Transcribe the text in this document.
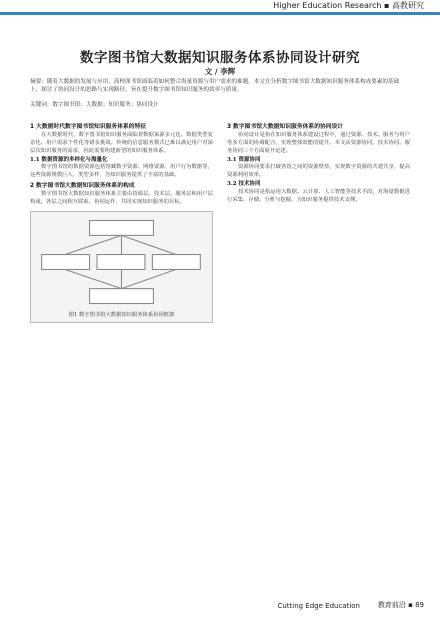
Higher Education Research ▪ 高教研究
数字图书馆大数据知识服务体系协同设计研究
文 / 李辉
摘要：随着大数据的发展与应用，高校图书馆面临着如何整合海量资源与用户需求的难题。本文在分析数字图书馆大数据知识服务体系构成要素的基础上，探讨了协同设计的思路与实现路径，旨在提升数字图书馆知识服务的效率与质量。
关键词：数字图书馆；大数据；知识服务；协同设计
1 大数据时代数字图书馆知识服务体系的特征

在大数据时代，数字图书馆知识服务面临着数据来源多元化、数据类型复杂化、用户需求个性化等诸多挑战。传统的信息服务模式已难以满足用户对深层次知识服务的需求，因此需要构建新型的知识服务体系。

1.1 数据资源的多样化与海量化

数字图书馆的数据资源包括馆藏数字资源、网络资源、用户行为数据等，这些资源规模巨大、类型多样，为知识服务提供了丰富的基础。

2 数字图书馆大数据知识服务体系的构成

数字图书馆大数据知识服务体系主要由资源层、技术层、服务层和用户层构成，各层之间相互联系、协同运作，共同实现知识服务的目标。

图1 数字图书馆大数据知识服务体系协同框架
3 数字图书馆大数据知识服务体系的协同设计

协同设计是指在知识服务体系建设过程中，通过资源、技术、服务与用户等多方面的协调配合，实现整体效能的提升。本文从资源协同、技术协同、服务协同三个方面展开论述。

3.1 资源协同

资源协同要求打破各馆之间的资源壁垒，实现数字资源的共建共享，提高资源利用效率。

3.2 技术协同

技术协同是指运用大数据、云计算、人工智能等技术手段，对海量数据进行采集、存储、分析与挖掘，为知识服务提供技术支撑。

Cutting Edge Education	教育前沿 ▪ 89
